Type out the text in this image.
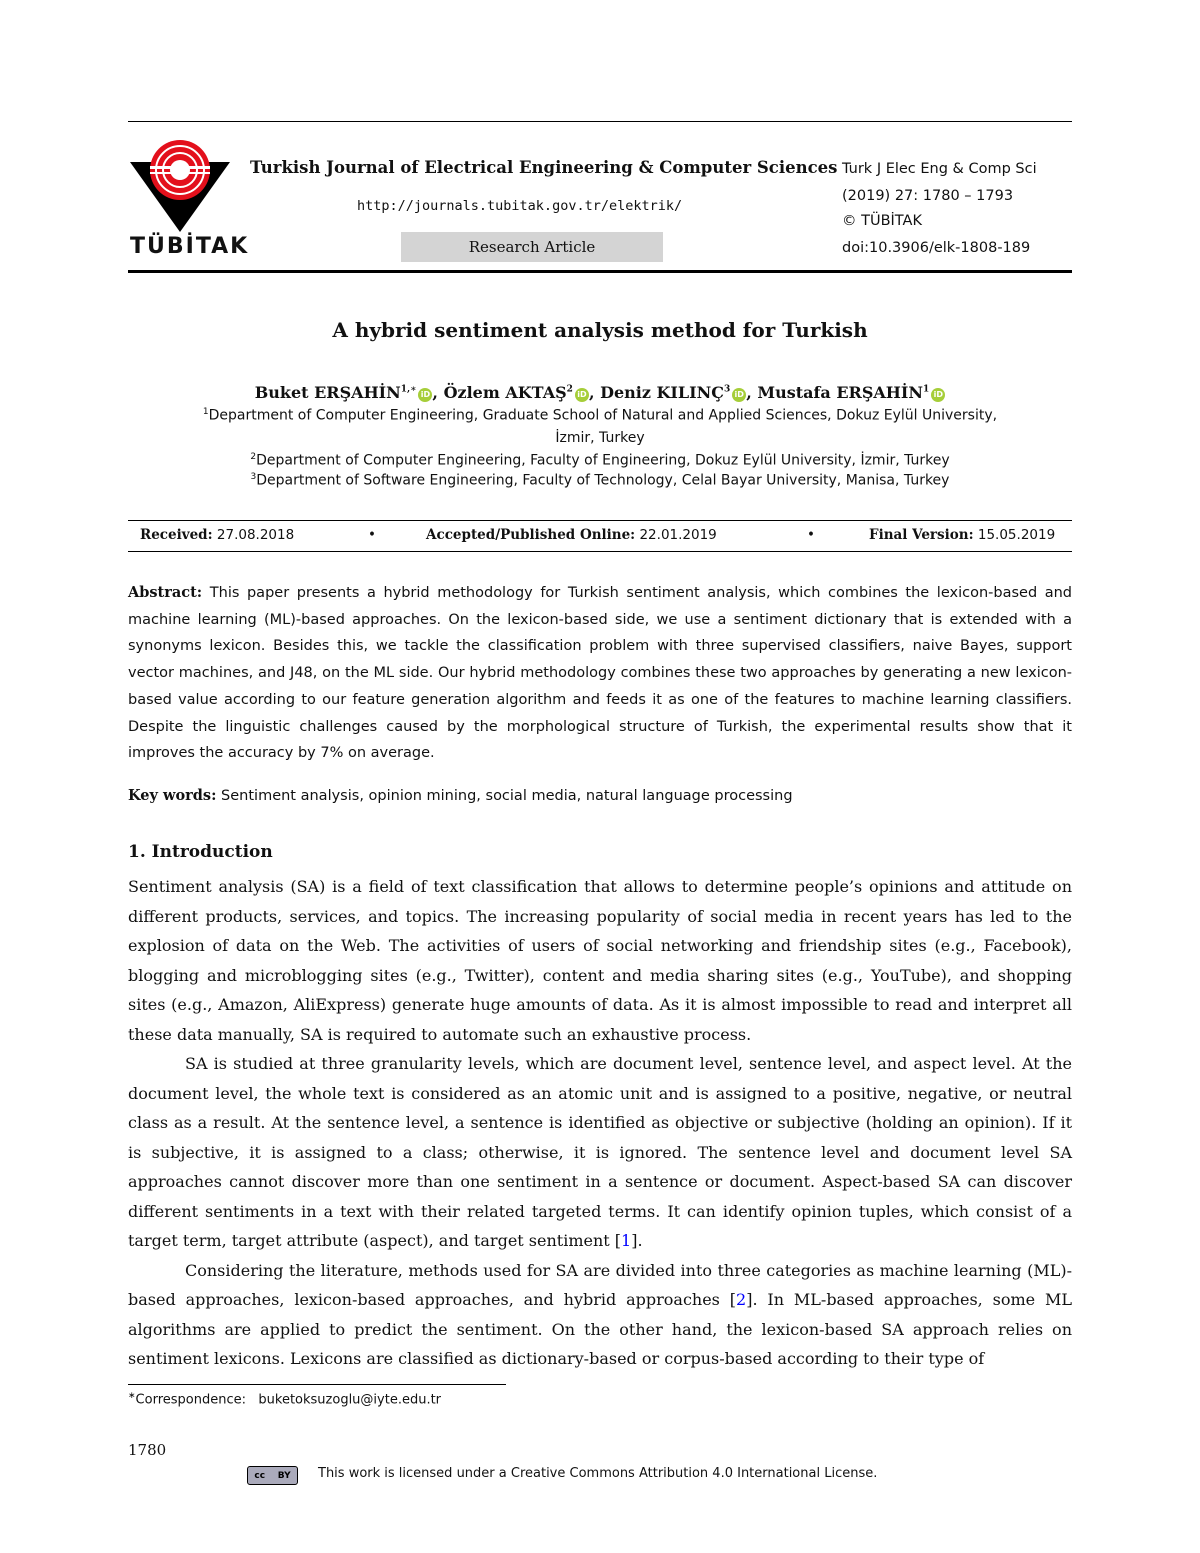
TÜBİTAK
Turkish Journal of Electrical Engineering & Computer Sciences
http://journals.tubitak.gov.tr/elektrik/
Research Article
Turk J Elec Eng & Comp Sci
(2019) 27: 1780 – 1793
© TÜBİTAK
doi:10.3906/elk-1808-189
A hybrid sentiment analysis method for Turkish
Buket $ERŞAHİN^{1,∗}$ iD , Özlem AKTAŞ$^2$ iD , Deniz KILINÇ$^3$ iD , Mustafa ERŞAHİN$^1$ iD
$^1$Department of Computer Engineering, Graduate School of Natural and Applied Sciences, Dokuz Eylül University,
İzmir, Turkey
$^2$Department of Computer Engineering, Faculty of Engineering, Dokuz Eylül University, İzmir, Turkey
$^3$Department of Software Engineering, Faculty of Technology, Celal Bayar University, Manisa, Turkey
Received: 27.08.2018	•	Accepted/Published Online: 22.01.2019	•	Final Version: 15.05.2019
Abstract: This paper presents a hybrid methodology for Turkish sentiment analysis, which combines the lexicon-based and machine learning (ML)-based approaches. On the lexicon-based side, we use a sentiment dictionary that is extended with a synonyms lexicon. Besides this, we tackle the classification problem with three supervised classifiers, naive Bayes, support vector machines, and J48, on the ML side. Our hybrid methodology combines these two approaches by generating a new lexicon-based value according to our feature generation algorithm and feeds it as one of the features to machine learning classifiers. Despite the linguistic challenges caused by the morphological structure of Turkish, the experimental results show that it improves the accuracy by 7% on average.
Key words: Sentiment analysis, opinion mining, social media, natural language processing
1. Introduction

Sentiment analysis (SA) is a field of text classification that allows to determine people’s opinions and attitude on different products, services, and topics. The increasing popularity of social media in recent years has led to the explosion of data on the Web. The activities of users of social networking and friendship sites (e.g., Facebook), blogging and microblogging sites (e.g., Twitter), content and media sharing sites (e.g., YouTube), and shopping sites (e.g., Amazon, AliExpress) generate huge amounts of data. As it is almost impossible to read and interpret all these data manually, SA is required to automate such an exhaustive process.

SA is studied at three granularity levels, which are document level, sentence level, and aspect level. At the document level, the whole text is considered as an atomic unit and is assigned to a positive, negative, or neutral class as a result. At the sentence level, a sentence is identified as objective or subjective (holding an opinion). If it is subjective, it is assigned to a class; otherwise, it is ignored. The sentence level and document level SA approaches cannot discover more than one sentiment in a sentence or document. Aspect-based SA can discover different sentiments in a text with their related targeted terms. It can identify opinion tuples, which consist of a target term, target attribute (aspect), and target sentiment [1].

Considering the literature, methods used for SA are divided into three categories as machine learning (ML)-based approaches, lexicon-based approaches, and hybrid approaches [2]. In ML-based approaches, some ML algorithms are applied to predict the sentiment. On the other hand, the lexicon-based SA approach relies on sentiment lexicons. Lexicons are classified as dictionary-based or corpus-based according to their type of

∗Correspondence: buketoksuzoglu@iyte.edu.tr
1780
cc BY This work is licensed under a Creative Commons Attribution 4.0 International License.
